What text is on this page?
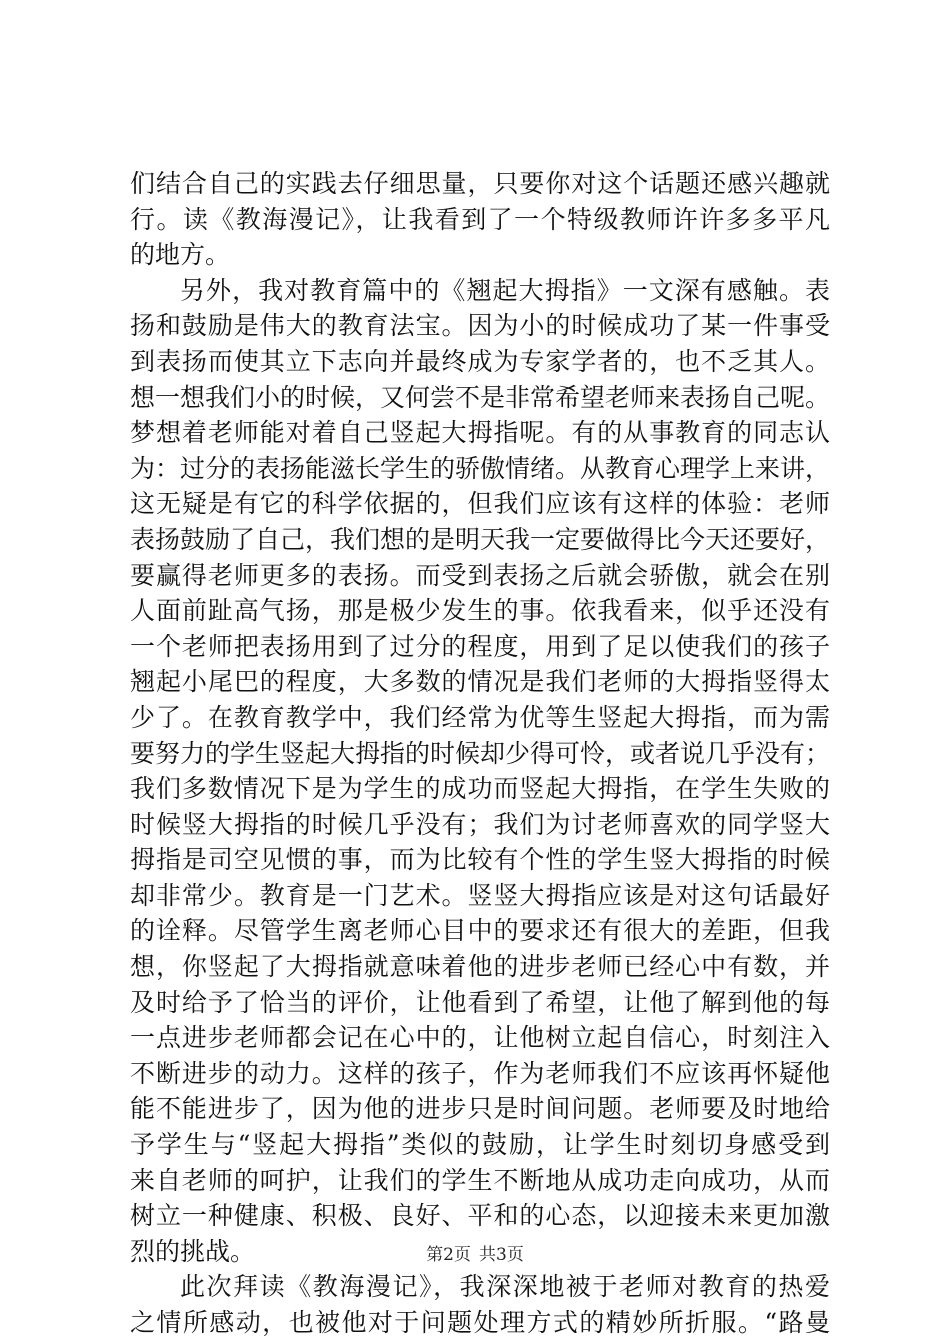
们结合自己的实践去仔细思量，只要你对这个话题还感兴趣就
行。读《教海漫记》，让我看到了一个特级教师许许多多平凡
的地方。
另外，我对教育篇中的《翘起大拇指》一文深有感触。表
扬和鼓励是伟大的教育法宝。因为小的时候成功了某一件事受
到表扬而使其立下志向并最终成为专家学者的，也不乏其人。
想一想我们小的时候，又何尝不是非常希望老师来表扬自己呢。
梦想着老师能对着自己竖起大拇指呢。有的从事教育的同志认
为：过分的表扬能滋长学生的骄傲情绪。从教育心理学上来讲，
这无疑是有它的科学依据的，但我们应该有这样的体验：老师
表扬鼓励了自己，我们想的是明天我一定要做得比今天还要好，
要赢得老师更多的表扬。而受到表扬之后就会骄傲，就会在别
人面前趾高气扬，那是极少发生的事。依我看来，似乎还没有
一个老师把表扬用到了过分的程度，用到了足以使我们的孩子
翘起小尾巴的程度，大多数的情况是我们老师的大拇指竖得太
少了。在教育教学中，我们经常为优等生竖起大拇指，而为需
要努力的学生竖起大拇指的时候却少得可怜，或者说几乎没有；
我们多数情况下是为学生的成功而竖起大拇指，在学生失败的
时候竖大拇指的时候几乎没有；我们为讨老师喜欢的同学竖大
拇指是司空见惯的事，而为比较有个性的学生竖大拇指的时候
却非常少。教育是一门艺术。竖竖大拇指应该是对这句话最好
的诠释。尽管学生离老师心目中的要求还有很大的差距，但我
想，你竖起了大拇指就意味着他的进步老师已经心中有数，并
及时给予了恰当的评价，让他看到了希望，让他了解到他的每
一点进步老师都会记在心中的，让他树立起自信心，时刻注入
不断进步的动力。这样的孩子，作为老师我们不应该再怀疑他
能不能进步了，因为他的进步只是时间问题。老师要及时地给
予学生与“竖起大拇指”类似的鼓励，让学生时刻切身感受到
来自老师的呵护，让我们的学生不断地从成功走向成功，从而
树立一种健康、积极、良好、平和的心态，以迎接未来更加激
烈的挑战。
此次拜读《教海漫记》，我深深地被于老师对教育的热爱
之情所感动，也被他对于问题处理方式的精妙所折服。“路曼
第2页 共3页
